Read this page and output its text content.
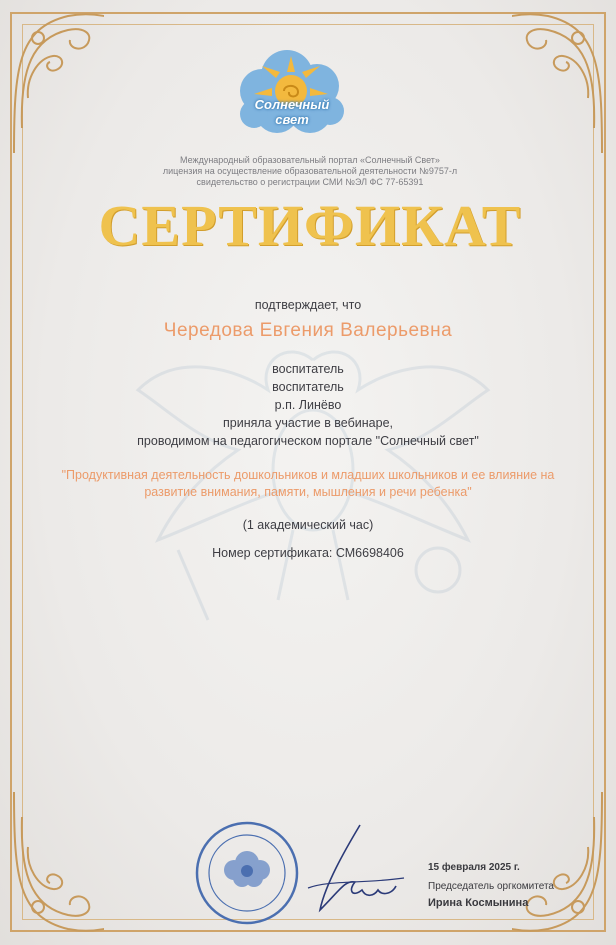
Солнечный свет
Международный образовательный портал «Солнечный Свет»
лицензия на осуществление образовательной деятельности №9757-л
свидетельство о регистрации СМИ №ЭЛ ФС 77-65391
СЕРТИФИКАТ
подтверждает, что
Чередова Евгения Валерьевна
воспитатель
воспитатель
р.п. Линёво
приняла участие в вебинаре,
проводимом на педагогическом портале "Солнечный свет"
"Продуктивная деятельность дошкольников и младших школьников и ее влияние на
развитие внимания, памяти, мышления и речи ребенка"
(1 академический час)
Номер сертификата: СМ6698406
15 февраля 2025 г.
Председатель оргкомитета
Ирина Космынина
